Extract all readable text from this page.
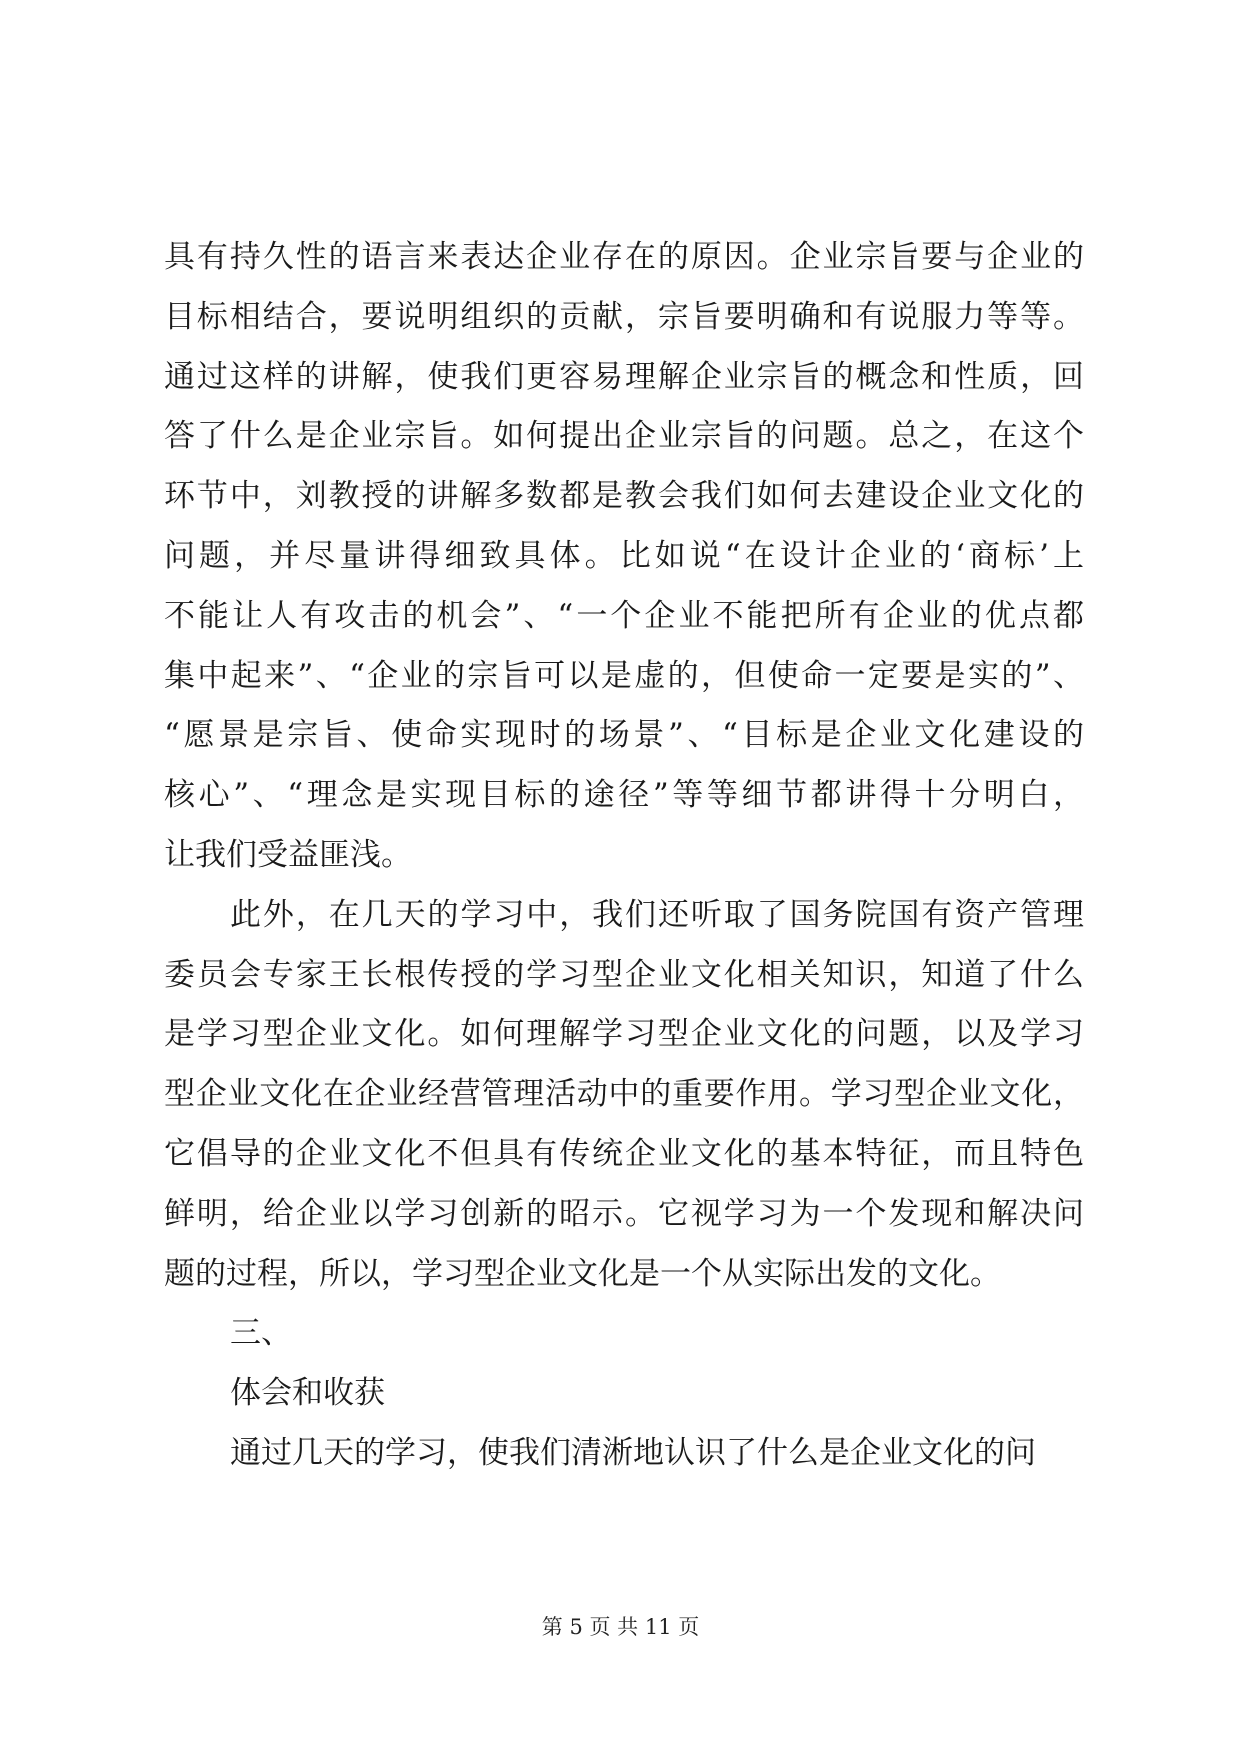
具有持久性的语言来表达企业存在的原因。企业宗旨要与企业的
目标相结合，要说明组织的贡献，宗旨要明确和有说服力等等。
通过这样的讲解，使我们更容易理解企业宗旨的概念和性质，回
答了什么是企业宗旨。如何提出企业宗旨的问题。总之，在这个
环节中，刘教授的讲解多数都是教会我们如何去建设企业文化的
问题，并尽量讲得细致具体。比如说“在设计企业的‘商标’上
不能让人有攻击的机会”、“一个企业不能把所有企业的优点都
集中起来”、“企业的宗旨可以是虚的，但使命一定要是实的”、
“愿景是宗旨、使命实现时的场景”、“目标是企业文化建设的
核心”、“理念是实现目标的途径”等等细节都讲得十分明白，
让我们受益匪浅。
此外，在几天的学习中，我们还听取了国务院国有资产管理
委员会专家王长根传授的学习型企业文化相关知识，知道了什么
是学习型企业文化。如何理解学习型企业文化的问题，以及学习
型企业文化在企业经营管理活动中的重要作用。学习型企业文化，
它倡导的企业文化不但具有传统企业文化的基本特征，而且特色
鲜明，给企业以学习创新的昭示。它视学习为一个发现和解决问
题的过程，所以，学习型企业文化是一个从实际出发的文化。
三、
体会和收获
通过几天的学习，使我们清淅地认识了什么是企业文化的问
第 5 页 共 11 页
